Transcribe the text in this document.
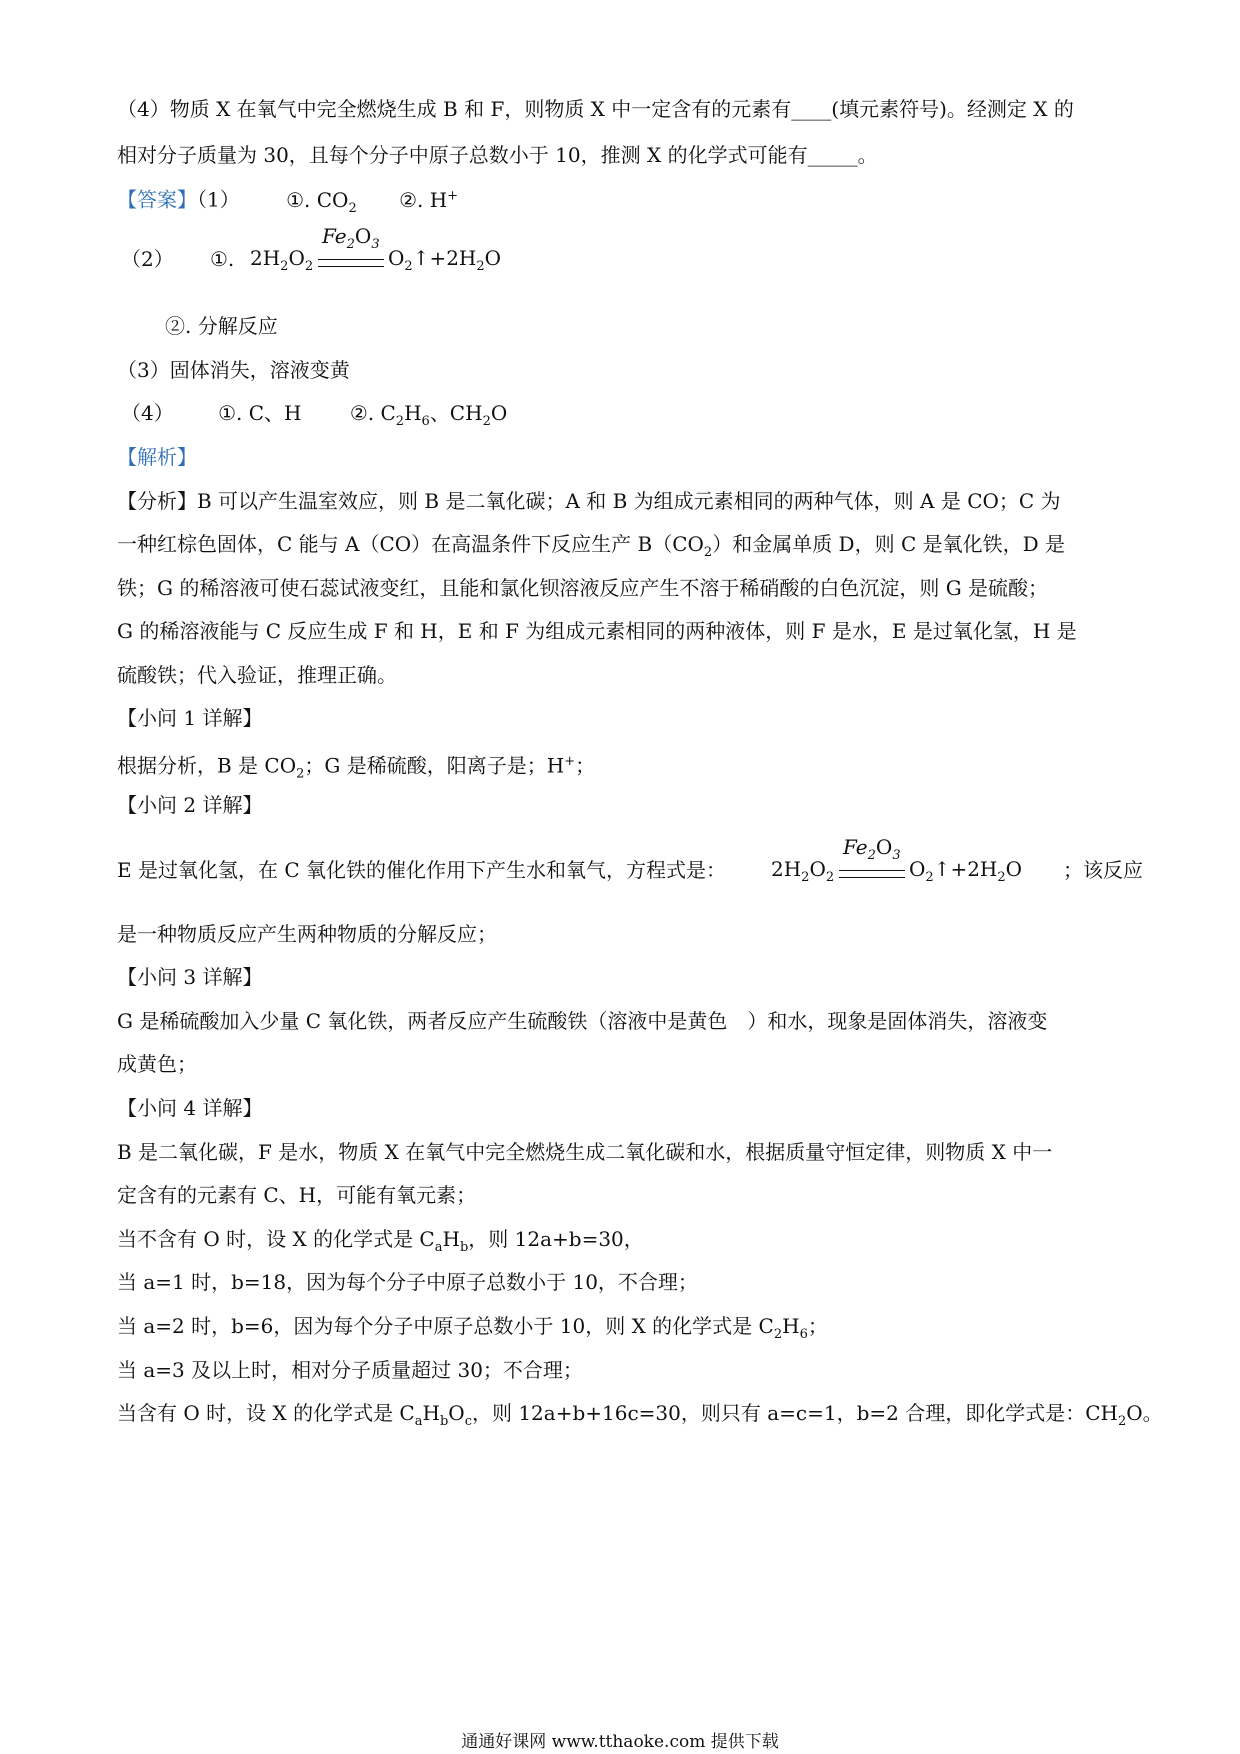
（4）物质 X 在氧气中完全燃烧生成 B 和 F，则物质 X 中一定含有的元素有____(填元素符号)。经测定 X 的
相对分子质量为 30，且每个分子中原子总数小于 10，推测 X 的化学式可能有_____。
【答案】（1） ①. $CO_2$ ②. H+
（2） ①. $2H_2O_2$
$Fe_2O_3$
$O_2↑+2H_2O$
②. 分解反应
（3）固体消失，溶液变黄
（4） ①. C、H ②. $C_2H_6$、$CH_2O$
【解析】
【分析】B 可以产生温室效应，则 B 是二氧化碳；A 和 B 为组成元素相同的两种气体，则 A 是 CO；C 为
一种红棕色固体，C 能与 A（CO）在高温条件下反应生产 $B(CO_2)$和金属单质 D，则 C 是氧化铁，D 是
铁；G 的稀溶液可使石蕊试液变红，且能和氯化钡溶液反应产生不溶于稀硝酸的白色沉淀，则 G 是硫酸；
G 的稀溶液能与 C 反应生成 F 和 H，E 和 F 为组成元素相同的两种液体，则 F 是水，E 是过氧化氢，H 是
硫酸铁；代入验证，推理正确。
【小问 1 详解】
根据分析，B 是 $CO_2$；G 是稀硫酸，阳离子是；H+；
【小问 2 详解】
E 是过氧化氢，在 C 氧化铁的催化作用下产生水和氧气，方程式是： $2H_2O_2$
$Fe_2O_3$
$O_2↑+2H_2O$ ；该反应
是一种物质反应产生两种物质的分解反应；
【小问 3 详解】
G 是稀硫酸加入少量 C 氧化铁，两者反应产生硫酸铁（溶液中是黄色　）和水，现象是固体消失，溶液变
成黄色；
【小问 4 详解】
B 是二氧化碳，F 是水，物质 X 在氧气中完全燃烧生成二氧化碳和水，根据质量守恒定律，则物质 X 中一
定含有的元素有 C、H，可能有氧元素；
当不含有 O 时，设 X 的化学式是 $C_aH_b$，则 12a+b=30，
当 a=1 时，b=18，因为每个分子中原子总数小于 10，不合理；
当 a=2 时，b=6，因为每个分子中原子总数小于 10，则 X 的化学式是 $C_2H_6$；
当 a=3 及以上时，相对分子质量超过 30；不合理；
当含有 O 时，设 X 的化学式是 $C_aH_bO_c$，则 12a+b+16c=30，则只有 a=c=1，b=2 合理，即化学式是：$CH_2O$。
通通好课网 www.tthaoke.com 提供下载
